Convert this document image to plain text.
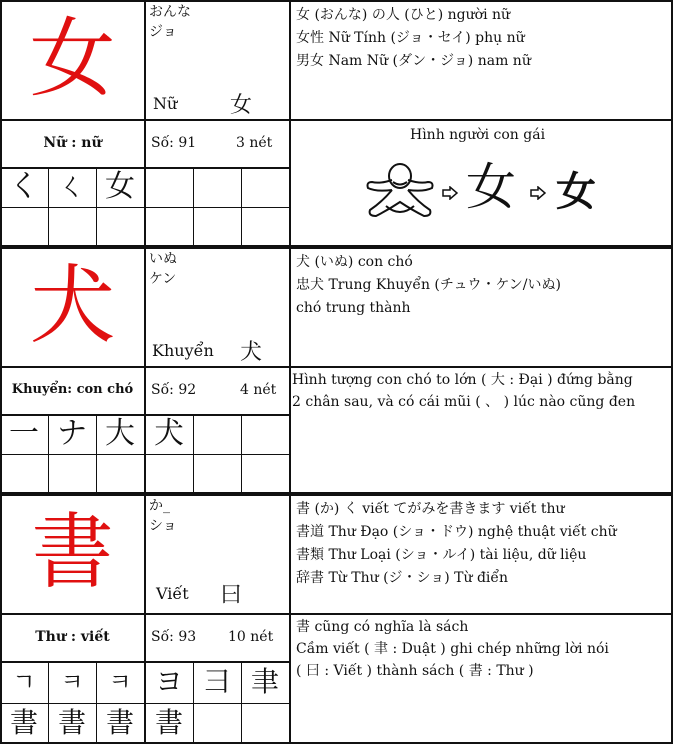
女	おんな
ジョ
Nữ 女
女 (おんな) の人 (ひと) người nữ
女性 Nữ Tính (ジョ・セイ) phụ nữ
男女 Nam Nữ (ダン・ジョ) nam nữ
Nữ : nữ	Số: 91	3 nét	Hình người con gái
女 女
く ㄑ 女
犬	いぬ
ケン
Khuyển 犬
犬 (いぬ) con chó
忠犬 Trung Khuyển (チュウ・ケン/いぬ)
chó trung thành
Khuyển: con chó	Số: 92	4 nét
Hình tượng con chó to lớn ( 大 : Đại ) đứng bằng
2 chân sau, và có cái mũi ( 、 ) lúc nào cũng đen
一 ナ 大 犬
書	か_
ショ
Viết 曰
書 (か) く viết てがみを書きます viết thư
書道 Thư Đạo (ショ・ドウ) nghệ thuật viết chữ
書類 Thư Loại (ショ・ルイ) tài liệu, dữ liệu
辞書 Từ Thư (ジ・ショ) Từ điển
Thư : viết	Số: 93 10 nét
書 cũng có nghĩa là sách
Cầm viết ( 聿 : Duật ) ghi chép những lời nói
( 曰 : Viết ) thành sách ( 書 : Thư )
ㄱ	ㅋ	ㅋ ヨ ⺕ 聿
書 書 書 書
